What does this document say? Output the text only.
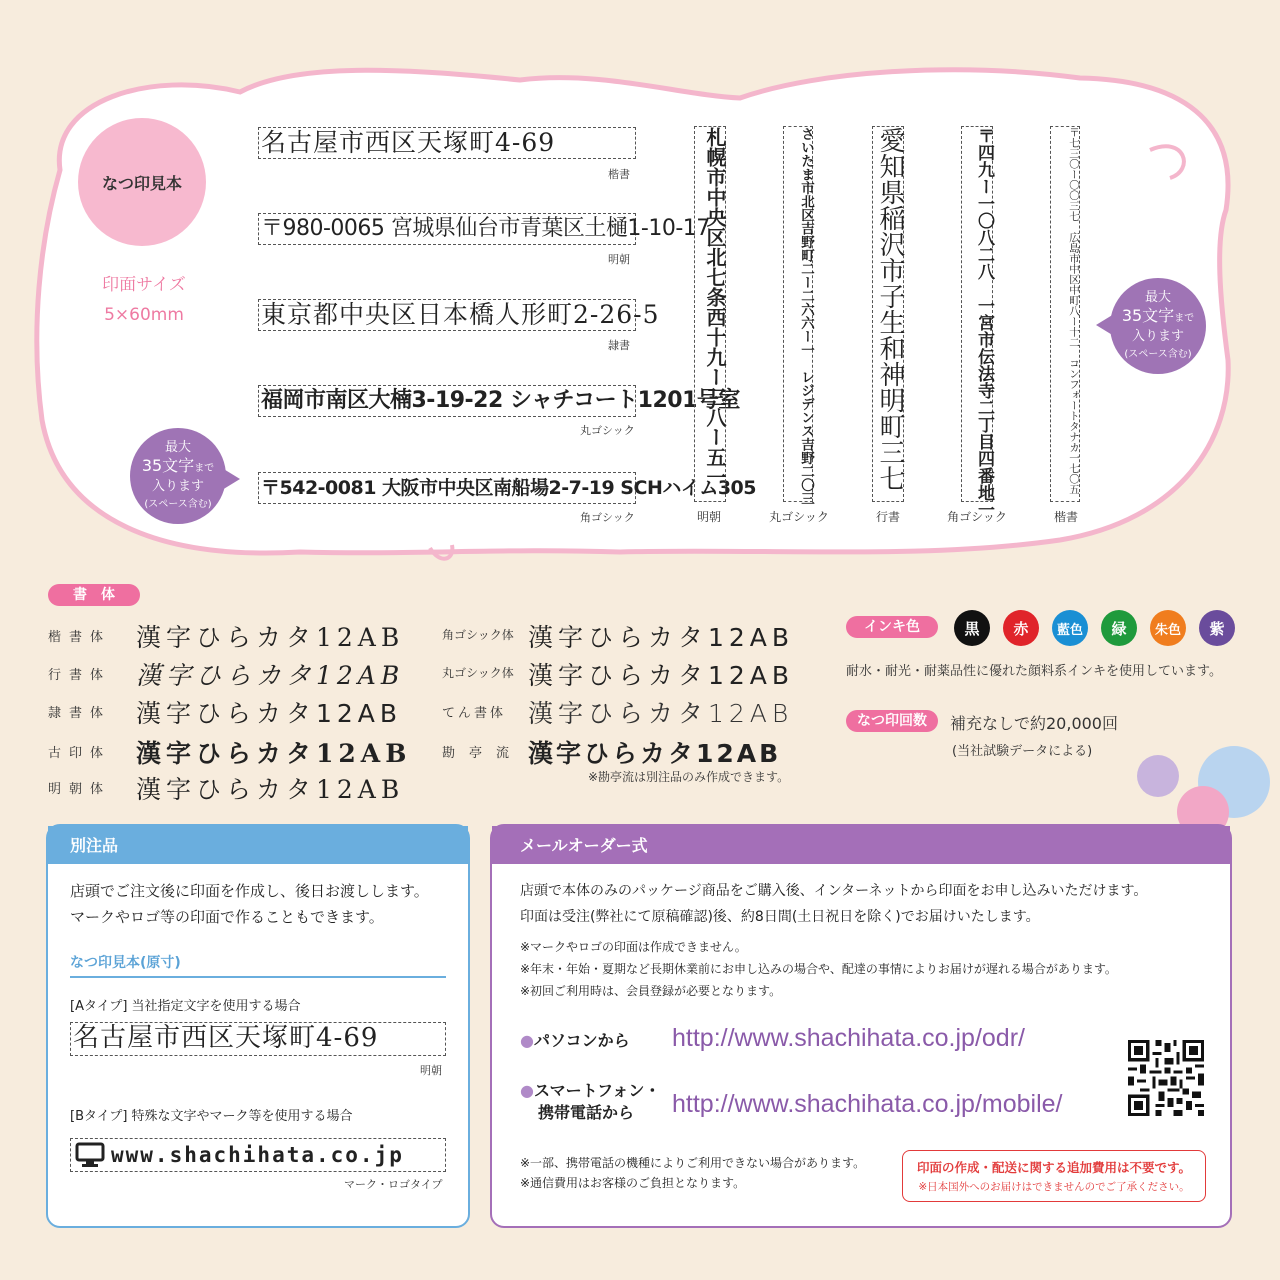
なつ印見本
印面サイズ
5×60mm
名古屋市西区天塚町4-69
楷書
〒980-0065 宮城県仙台市青葉区土樋1-10-17
明朝
東京都中央区日本橋人形町2-26-5
隷書
福岡市南区大楠3-19-22 シャチコート1201号室
丸ゴシック
〒542-0081 大阪市中央区南船場2-7-19 SCHハイム305
角ゴシック
札幌市中央区北七条西十九ー三八ー五一
明朝
さいたま市北区吉野町二ー二六六ー一　レジデンス吉野二〇三
丸ゴシック
愛知県稲沢市子生和神明町三七
行書	〒四九ー一〇八二八　一宮市伝法寺二丁目四番地一
角ゴシック
〒七三〇ー〇〇三七　広島市中区中町八ー十二　コンフォートタナカ一七〇五
楷書
最大
35文字まで
入ります
(スペース含む)
最大
35文字まで
入ります
(スペース含む)
書　体
楷書体 漢字ひらカタ12AB
行書体 漢字ひらカタ12AB
隷書体 漢字ひらカタ12AB
古印体 漢字ひらカタ12AB
明朝体 漢字ひらカタ12AB
角ゴシック体 漢字ひらカタ12AB
丸ゴシック体 漢字ひらカタ12AB
てん書体 漢字ひらカタ12AB
勘亭流 漢字ひらカタ12AB
※勘亭流は別注品のみ作成できます。
インキ色	黒	赤	藍色	緑	朱色	紫
耐水・耐光・耐薬品性に優れた顔料系インキを使用しています。
なつ印回数	補充なしで約20,000回
(当社試験データによる)
別注品
店頭でご注文後に印面を作成し、後日お渡しします。
マークやロゴ等の印面で作ることもできます。
なつ印見本(原寸)
[Aタイプ] 当社指定文字を使用する場合
名古屋市西区天塚町4-69
明朝
[Bタイプ] 特殊な文字やマーク等を使用する場合
www.shachihata.co.jp
マーク・ロゴタイプ
メールオーダー式
店頭で本体のみのパッケージ商品をご購入後、インターネットから印面をお申し込みいただけます。
印面は受注(弊社にて原稿確認)後、約8日間(土日祝日を除く)でお届けいたします。
※マークやロゴの印面は作成できません。
※年末・年始・夏期など長期休業前にお申し込みの場合や、配達の事情によりお届けが遅れる場合があります。
※初回ご利用時は、会員登録が必要となります。
●パソコンから http://www.shachihata.co.jp/odr/
●スマートフォン・
携帯電話から	http://www.shachihata.co.jp/mobile/
※一部、携帯電話の機種によりご利用できない場合があります。
※通信費用はお客様のご負担となります。
印面の作成・配送に関する追加費用は不要です。
※日本国外へのお届けはできませんのでご了承ください。
